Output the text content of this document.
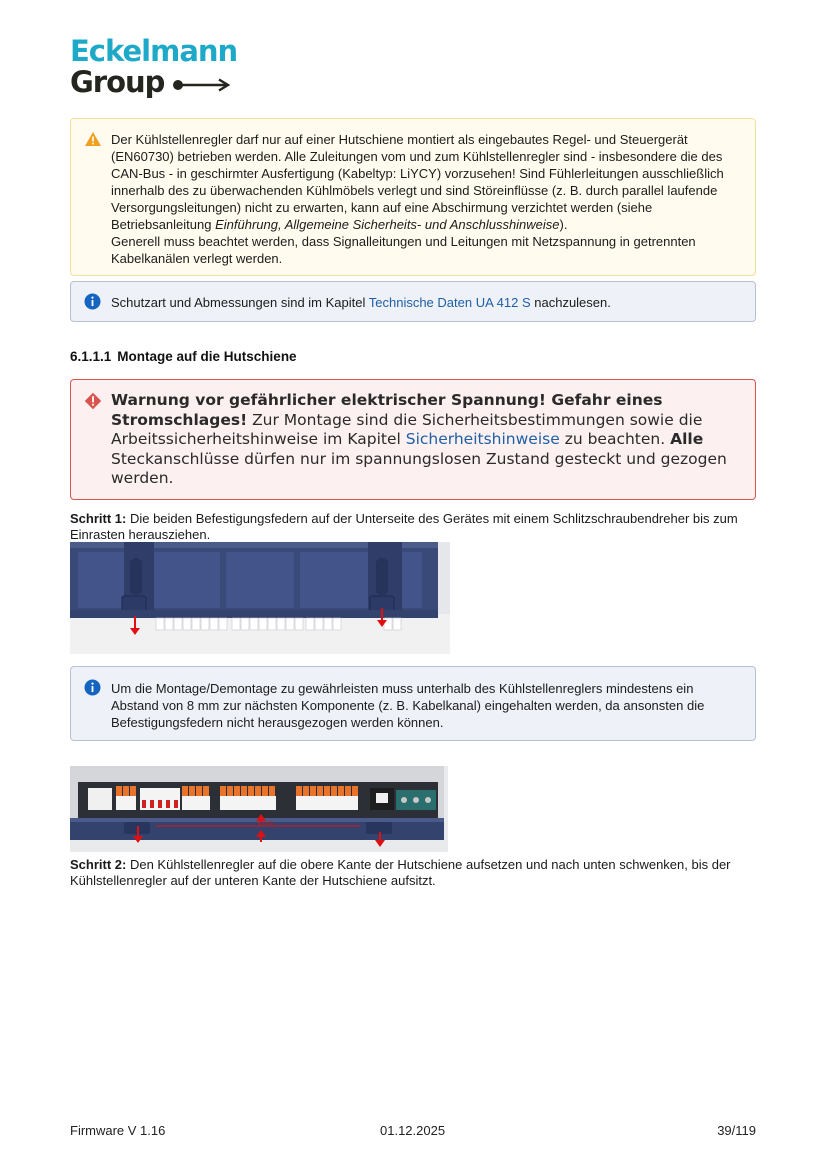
Eckelmann
Group
Der Kühlstellenregler darf nur auf einer Hutschiene montiert als eingebautes Regel- und Steuergerät (EN60730) betrieben werden. Alle Zuleitungen vom und zum Kühlstellenregler sind - insbesondere die des CAN-Bus - in geschirmter Ausfertigung (Kabeltyp: LiYCY) vorzusehen! Sind Fühlerleitungen ausschließlich innerhalb des zu überwachenden Kühlmöbels verlegt und sind Störeinflüsse (z. B. durch parallel laufende Versorgungsleitungen) nicht zu erwarten, kann auf eine Abschirmung verzichtet werden (siehe Betriebsanleitung Einführung, Allgemeine Sicherheits- und Anschlusshinweise).
Generell muss beachtet werden, dass Signalleitungen und Leitungen mit Netzspannung in getrennten Kabelkanälen verlegt werden.
Schutzart und Abmessungen sind im Kapitel Technische Daten UA 412 S nachzulesen.
6.1.1.1 Montage auf die Hutschiene
Warnung vor gefährlicher elektrischer Spannung! Gefahr eines Stromschlages! Zur Montage sind die Sicherheitsbestimmungen sowie die Arbeitssicherheitshinweise im Kapitel Sicherheitshinweise zu beachten. Alle Steckanschlüsse dürfen nur im spannungslosen Zustand gesteckt und gezogen werden.
Schritt 1: Die beiden Befestigungsfedern auf der Unterseite des Gerätes mit einem Schlitzschraubendreher bis zum Einrasten herausziehen.
Um die Montage/Demontage zu gewährleisten muss unterhalb des Kühlstellenreglers mindestens ein Abstand von 8 mm zur nächsten Komponente (z. B. Kabelkanal) eingehalten werden, da ansonsten die Befestigungsfedern nicht herausgezogen werden können.
8 mm
Schritt 2: Den Kühlstellenregler auf die obere Kante der Hutschiene aufsetzen und nach unten schwenken, bis der Kühlstellenregler auf der unteren Kante der Hutschiene aufsitzt.
Firmware V 1.16	01.12.2025	39/119
